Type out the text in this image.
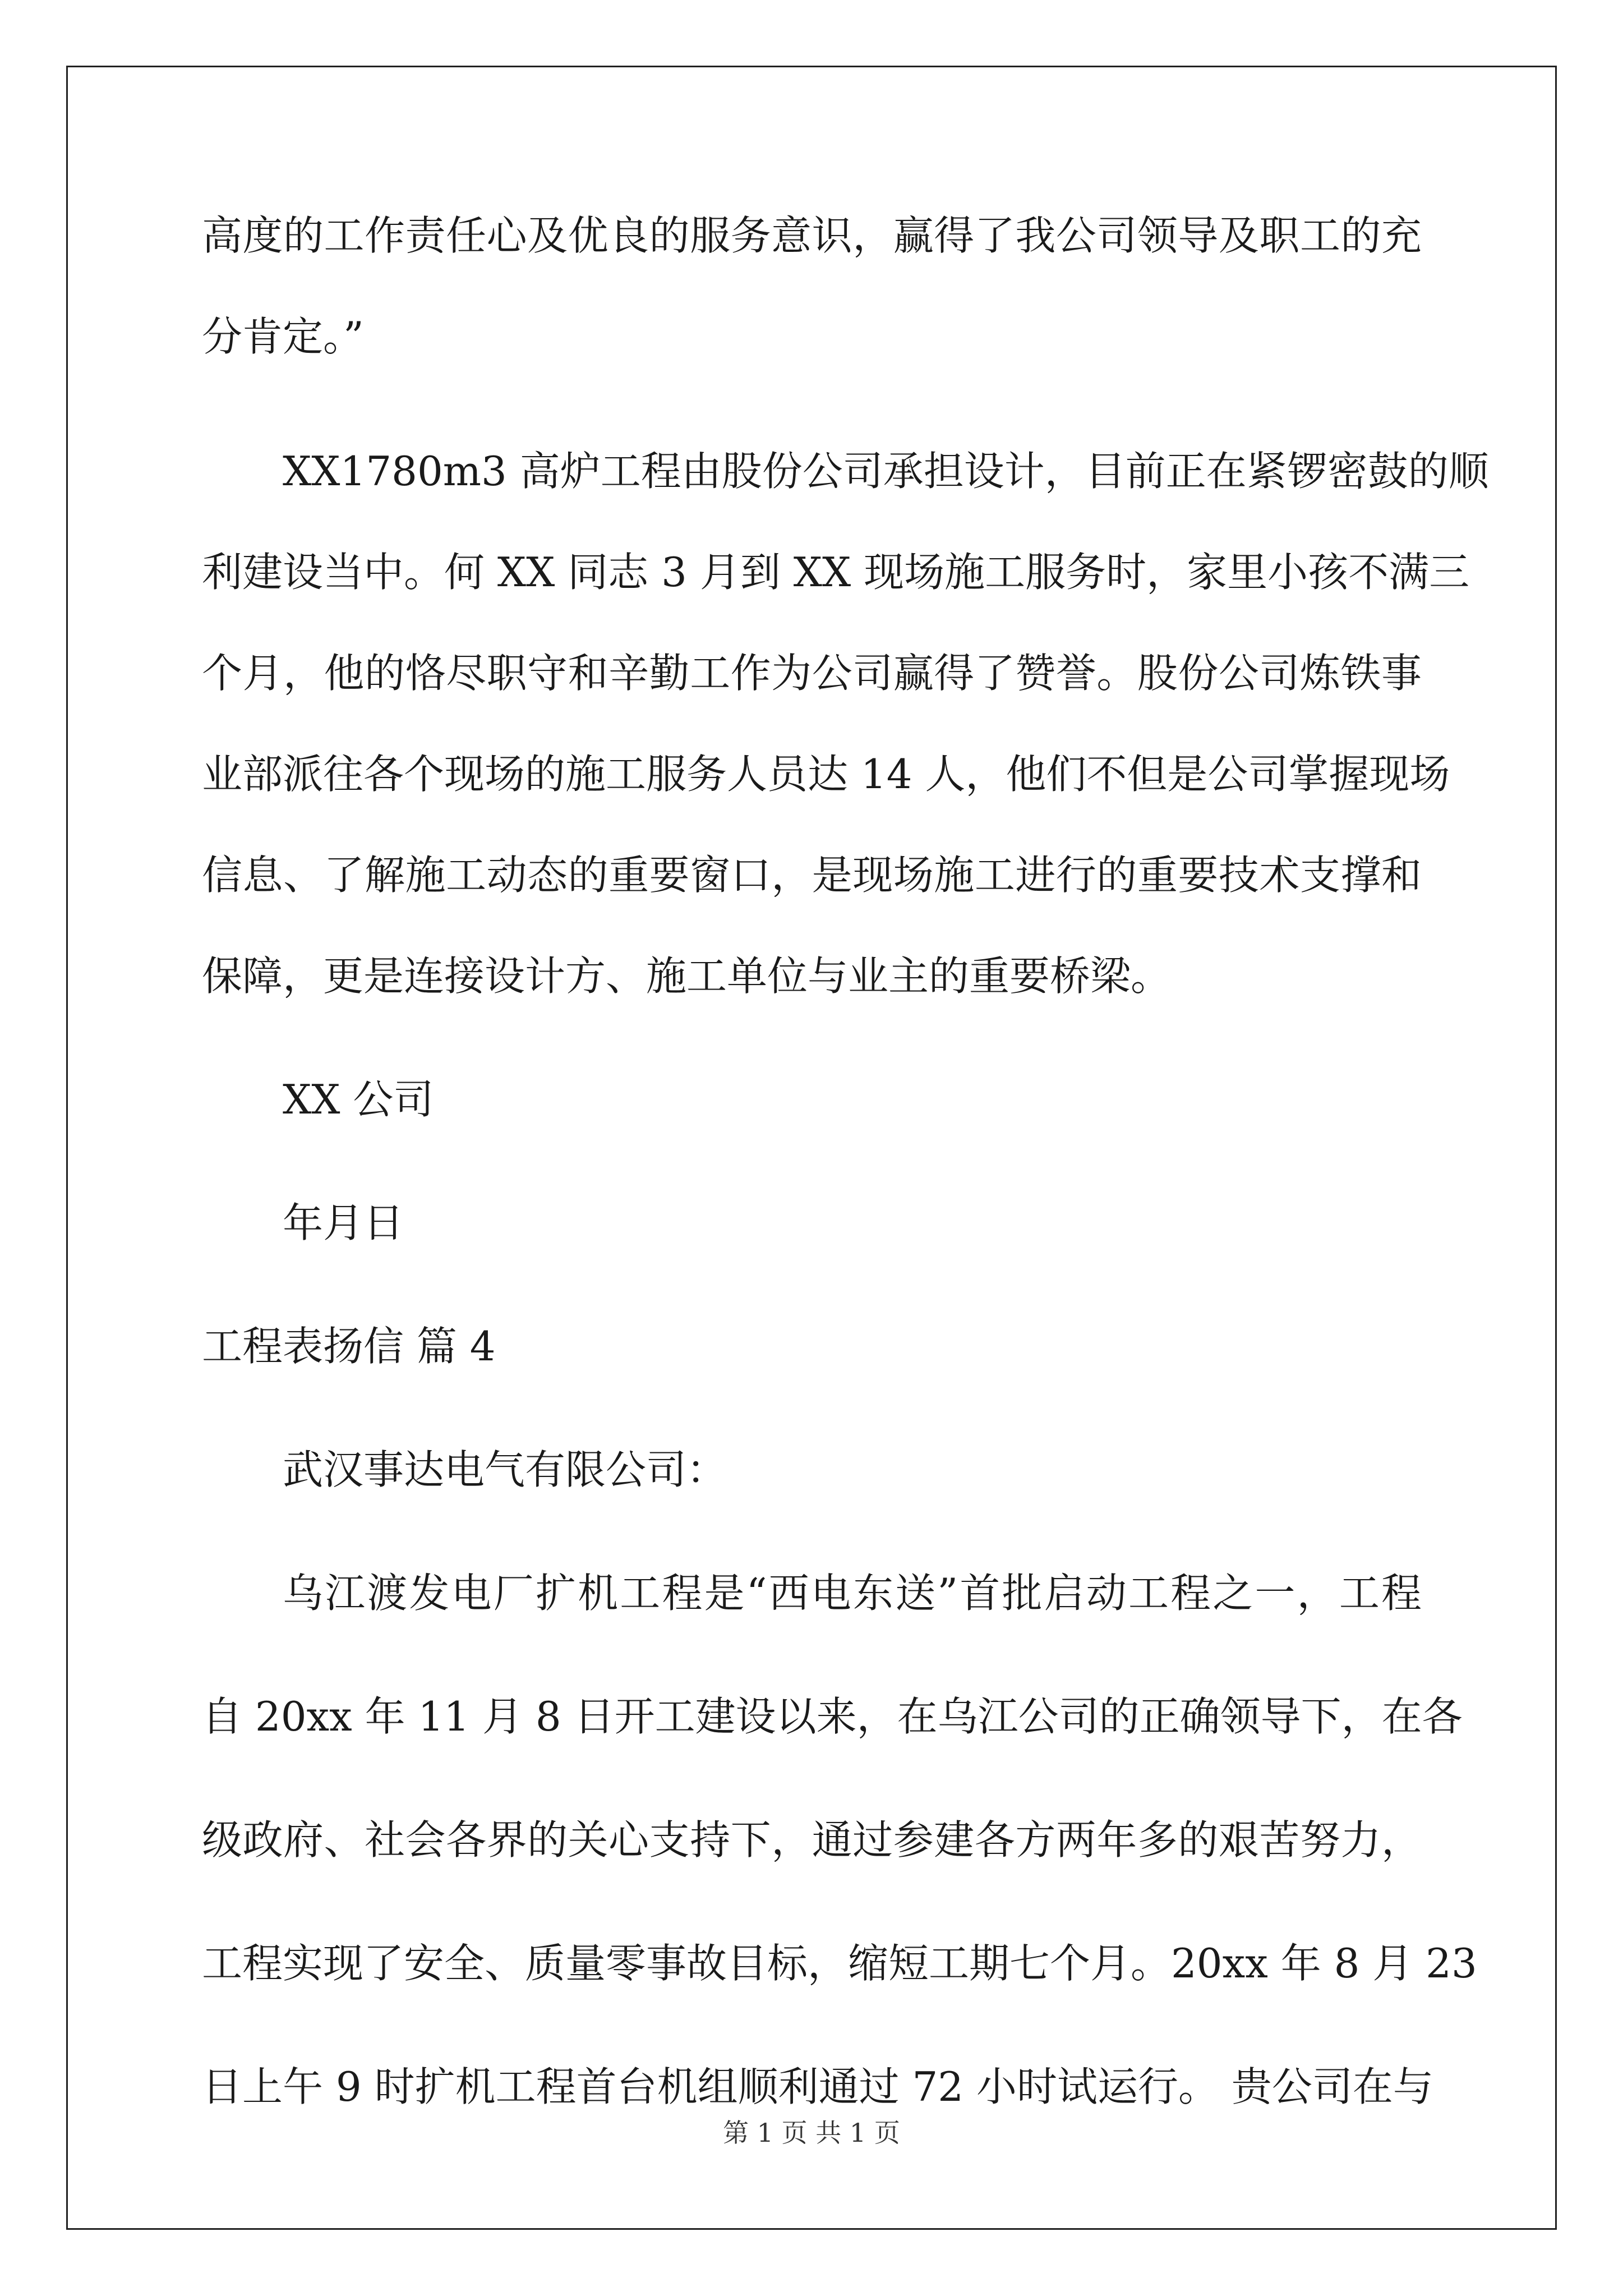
高度的工作责任心及优良的服务意识，赢得了我公司领导及职工的充
分肯定。”
XX1780m3 高炉工程由股份公司承担设计，目前正在紧锣密鼓的顺
利建设当中。何 XX 同志 3 月到 XX 现场施工服务时，家里小孩不满三
个月，他的恪尽职守和辛勤工作为公司赢得了赞誉。股份公司炼铁事
业部派往各个现场的施工服务人员达 14 人，他们不但是公司掌握现场
信息、了解施工动态的重要窗口，是现场施工进行的重要技术支撑和
保障，更是连接设计方、施工单位与业主的重要桥梁。
XX 公司
年月日
工程表扬信 篇 4
武汉事达电气有限公司：
乌江渡发电厂扩机工程是“西电东送”首批启动工程之一，工程
自 20xx 年 11 月 8 日开工建设以来，在乌江公司的正确领导下，在各
级政府、社会各界的关心支持下，通过参建各方两年多的艰苦努力，
工程实现了安全、质量零事故目标，缩短工期七个月。20xx 年 8 月 23
日上午 9 时扩机工程首台机组顺利通过 72 小时试运行。 贵公司在与
第 1 页 共 1 页
